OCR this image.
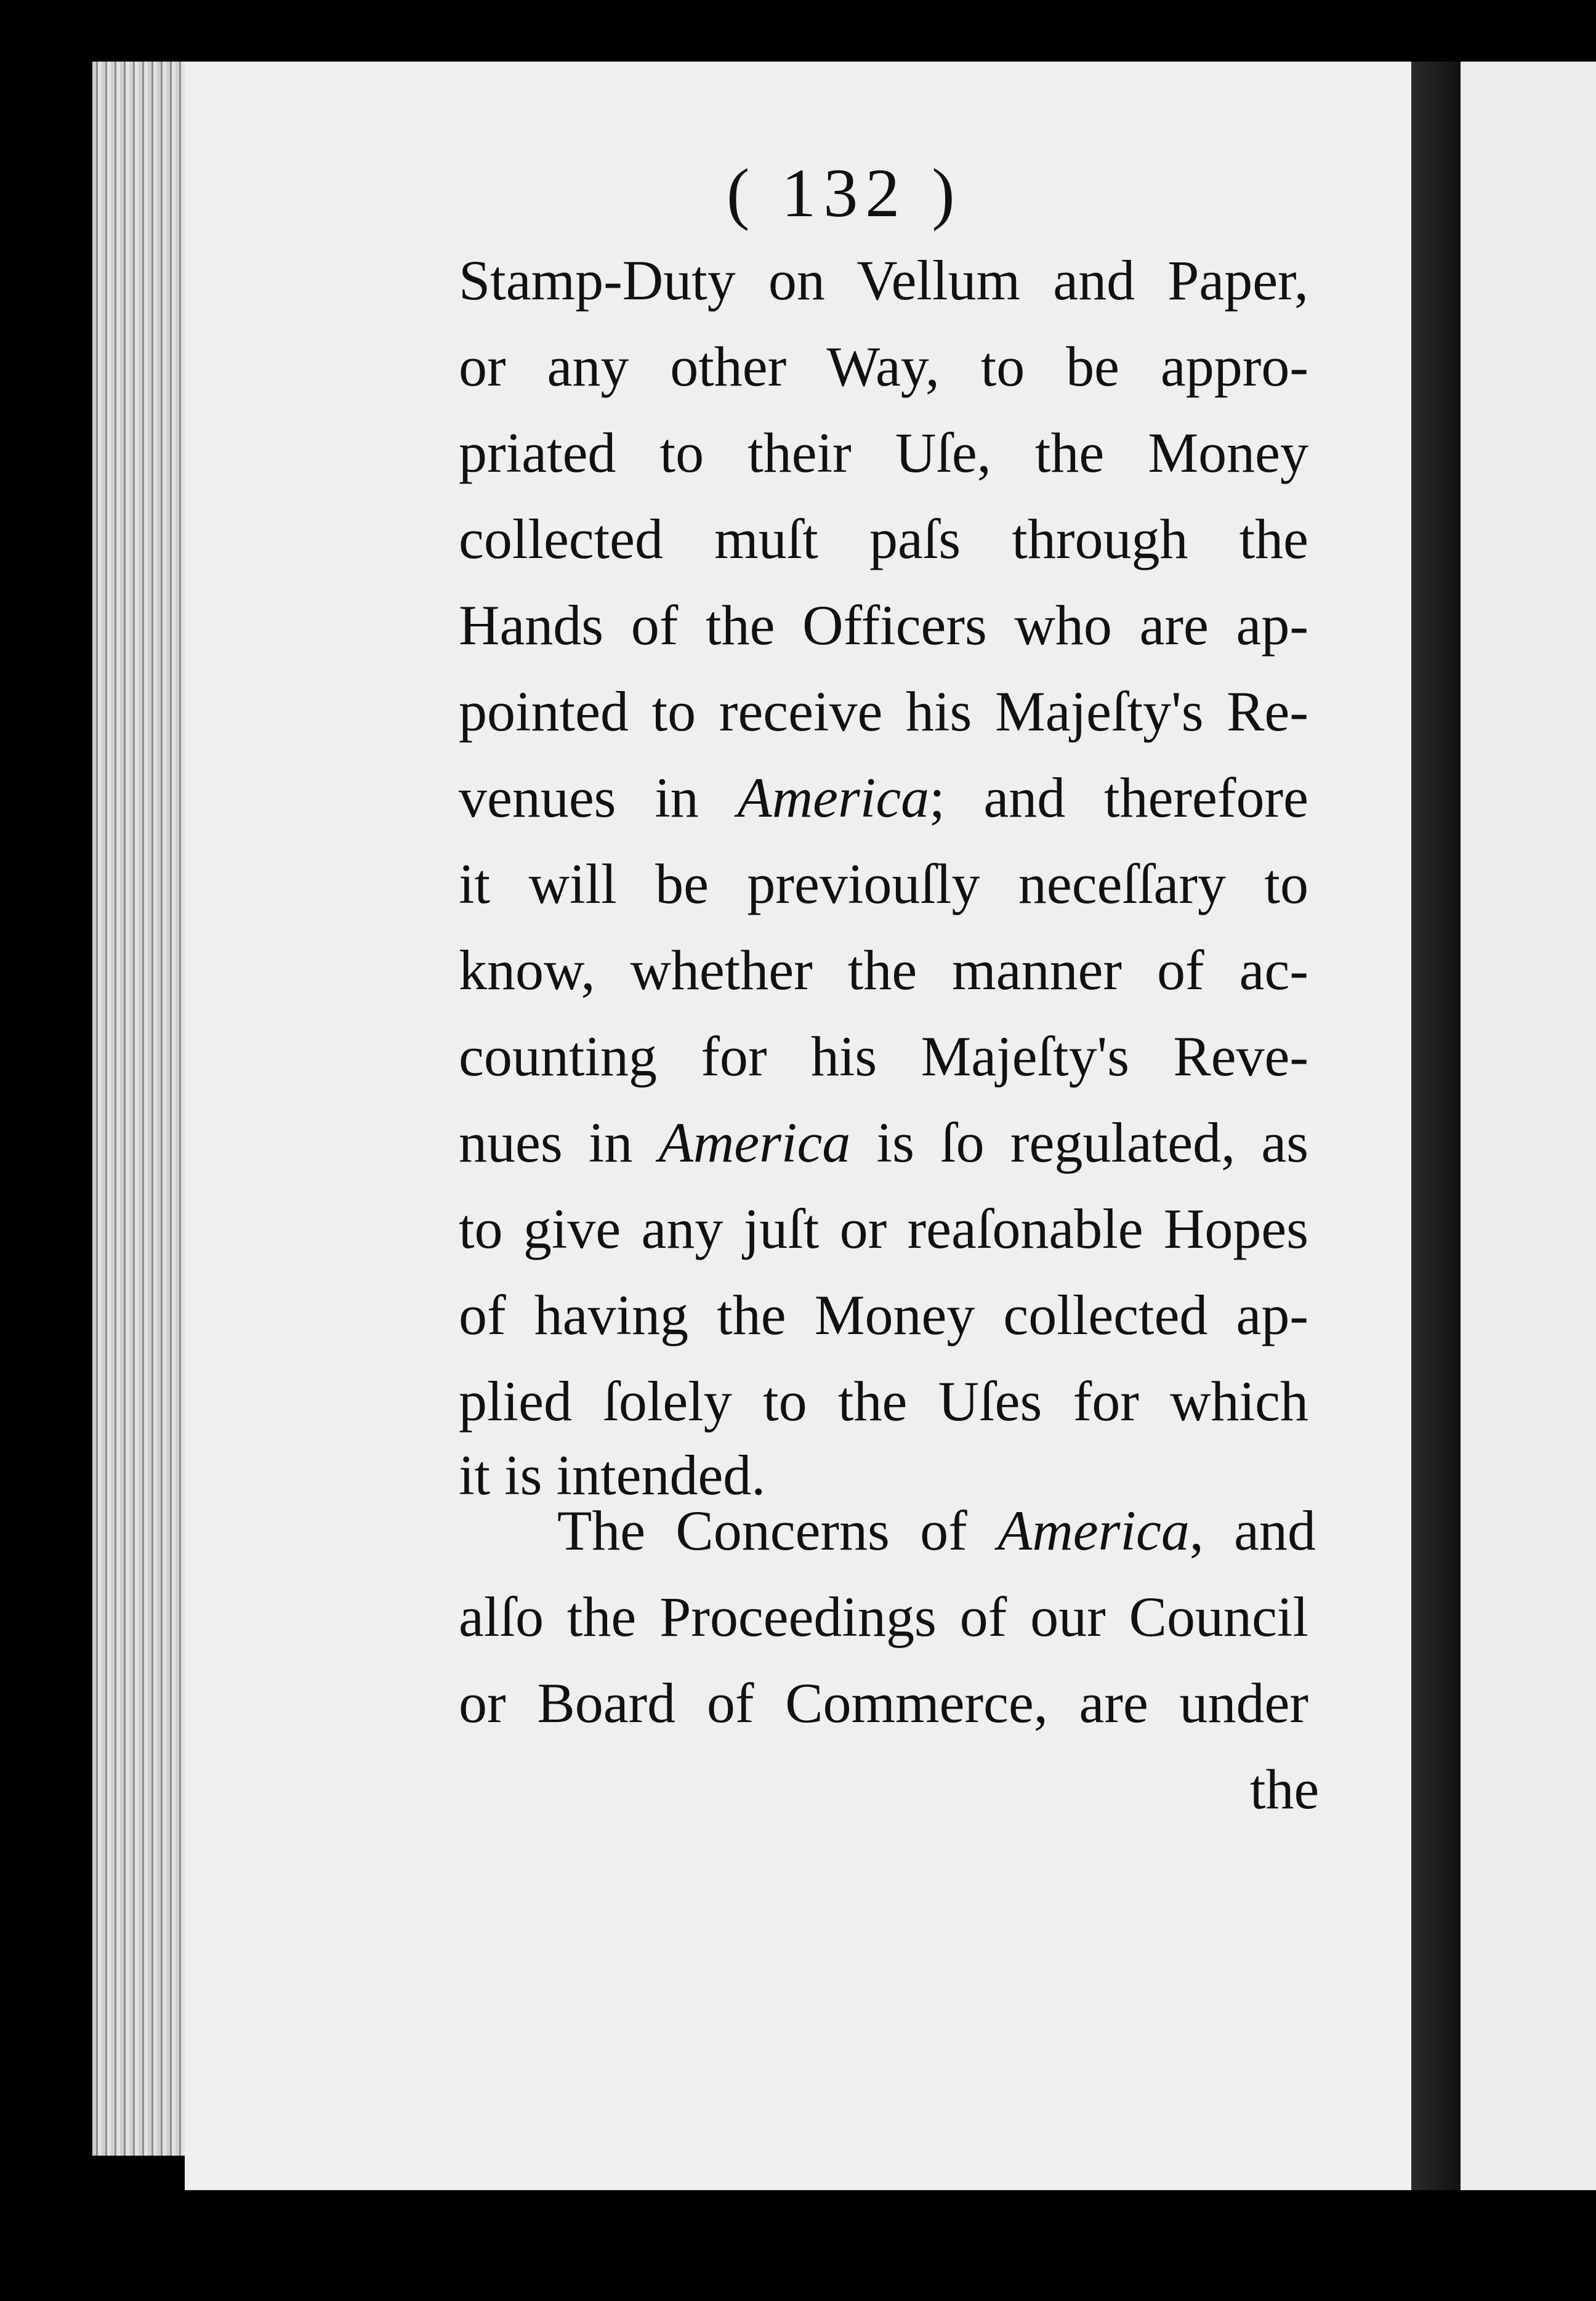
( 132 )
Stamp-Duty on Vellum and Paper,
or any other Way, to be appro-
priated to their Uſe, the Money
collected muſt paſs through the
Hands of the Officers who are ap-
pointed to receive his Majeſty's Re-
venues in America; and therefore
it will be previouſly neceſſary to
know, whether the manner of ac-
counting for his Majeſty's Reve-
nues in America is ſo regulated, as
to give any juſt or reaſonable Hopes
of having the Money collected ap-
plied ſolely to the Uſes for which
it is intended.
The Concerns of America, and
alſo the Proceedings of our Council
or Board of Commerce, are under
the
